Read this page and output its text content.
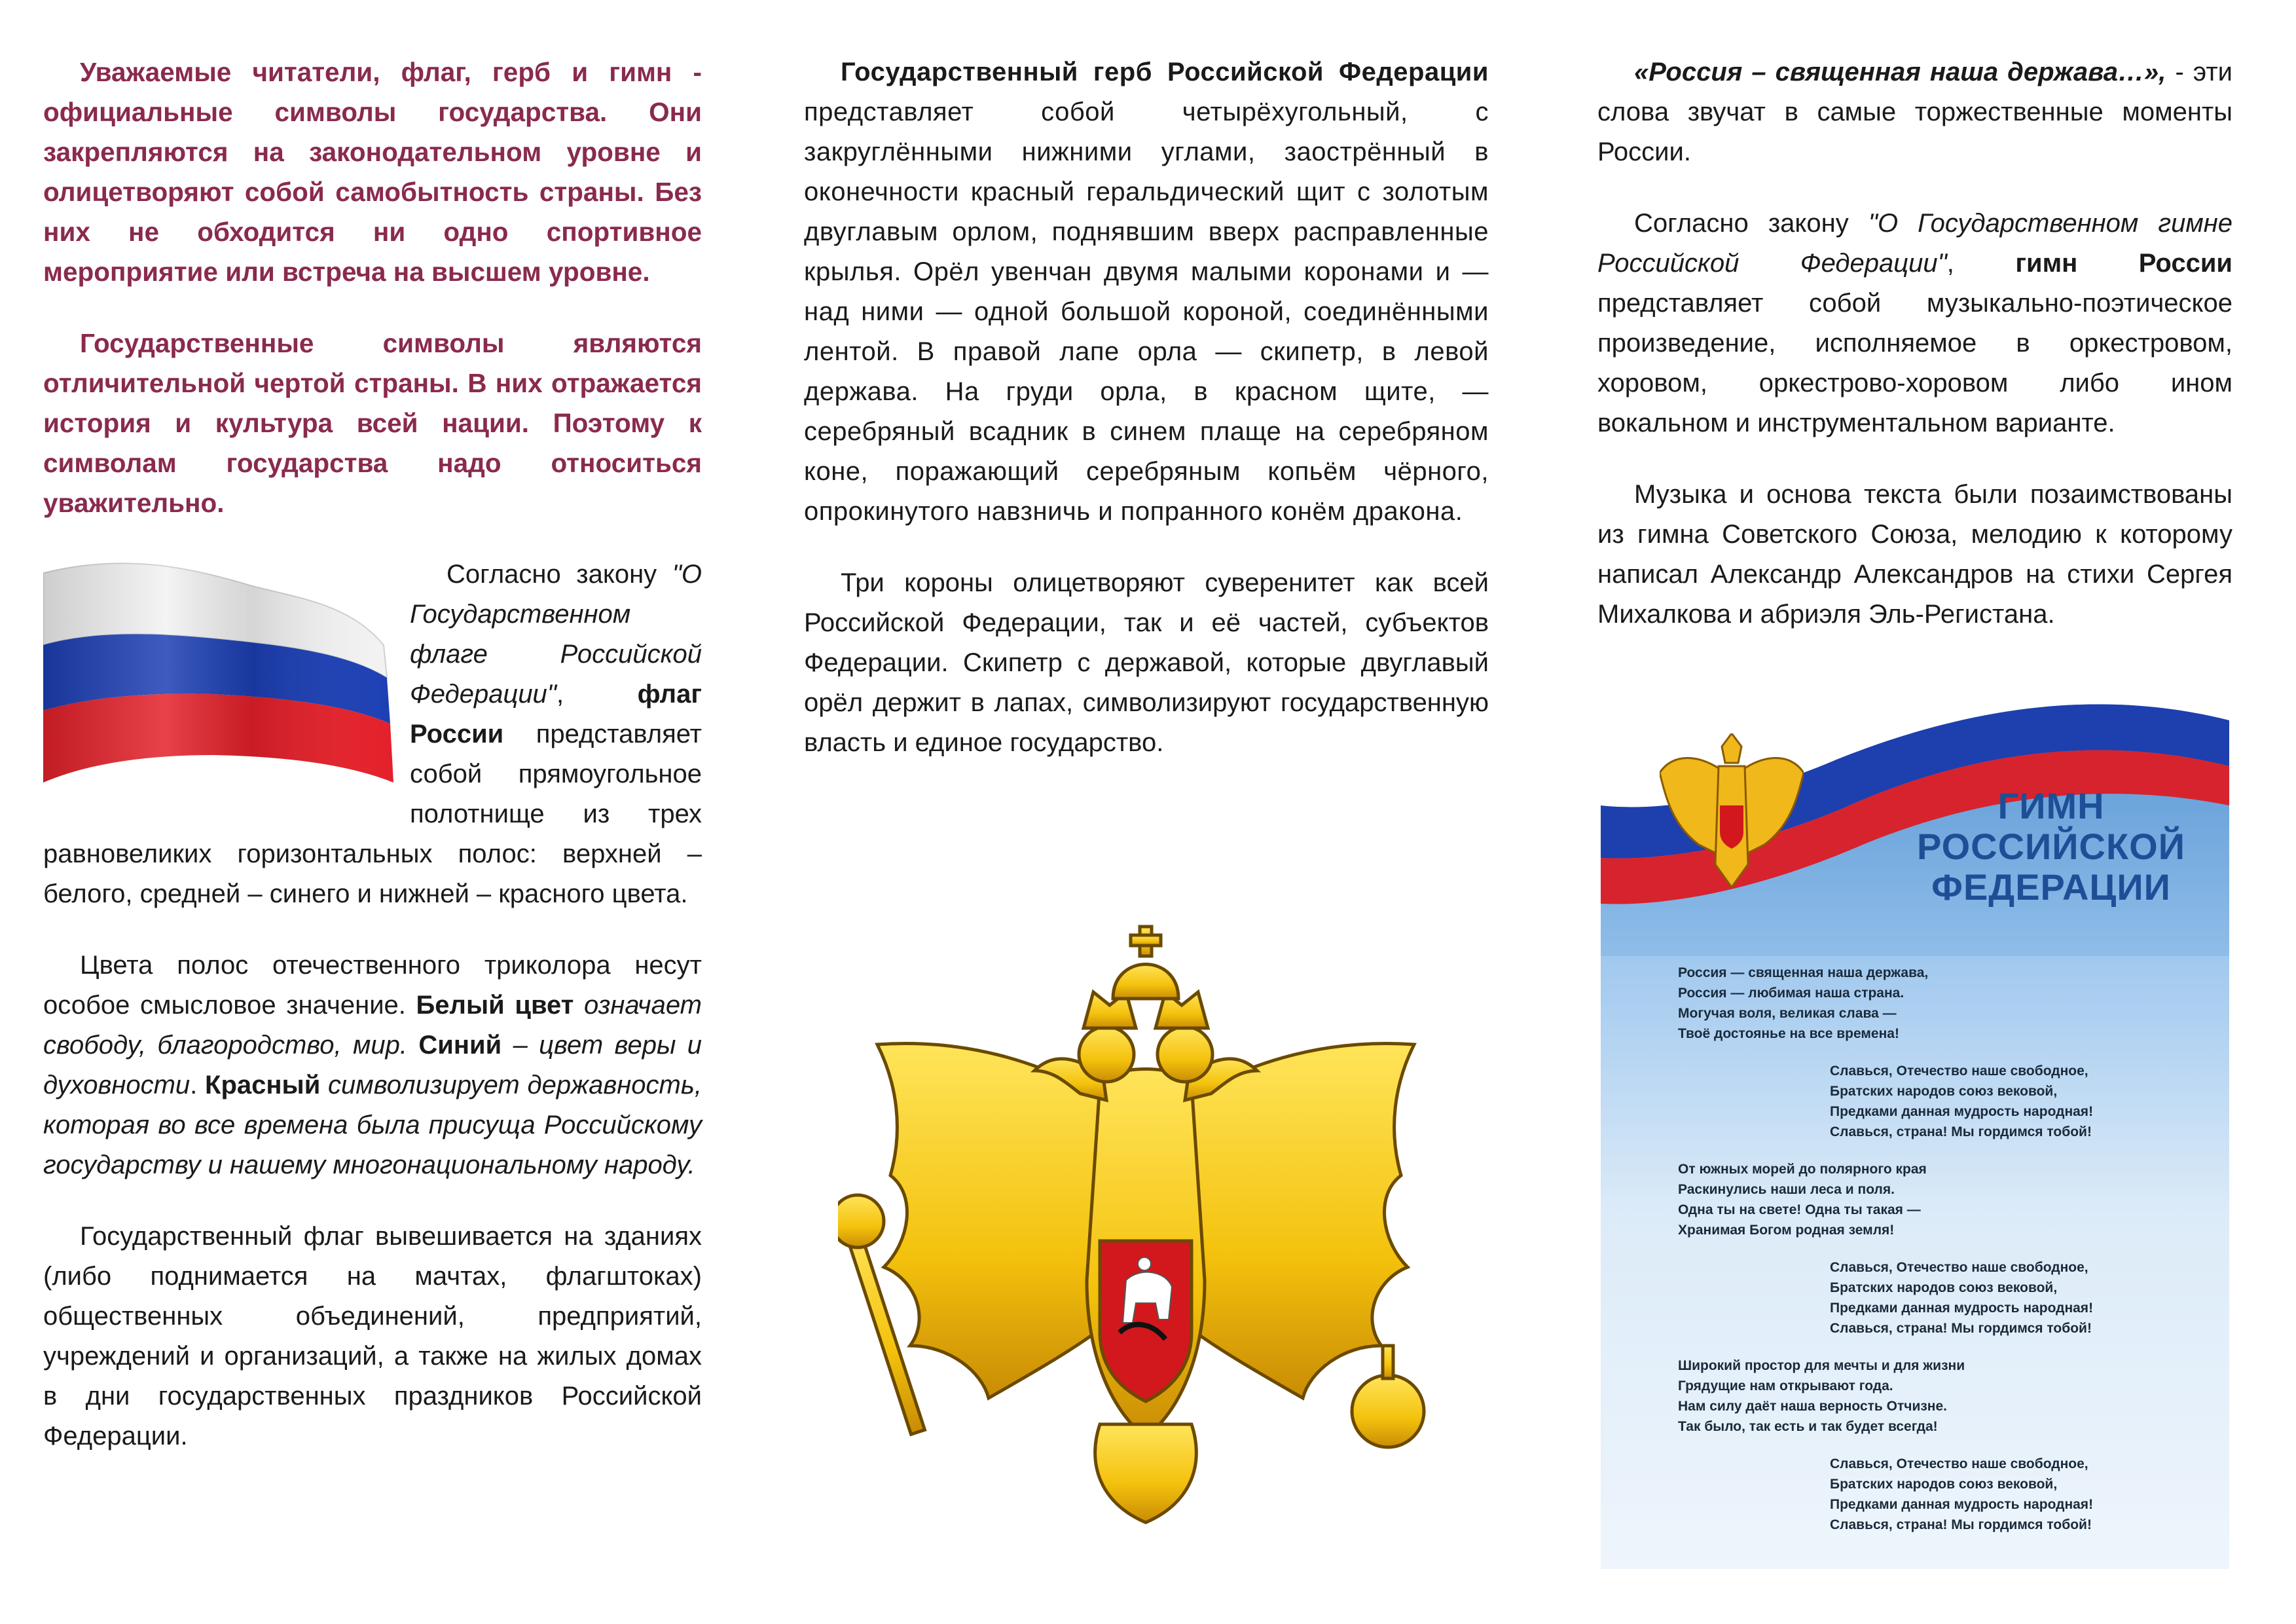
Уважаемые читатели, флаг, герб и гимн - официальные символы государства. Они закрепляются на законодательном уровне и олицетворяют собой самобытность страны. Без них не обходится ни одно спортивное мероприятие или встреча на высшем уровне.

Государственные символы являются отличительной чертой страны. В них отражается история и культура всей нации. Поэтому к символам государства надо относиться уважительно.

Согласно закону "О Государственном флаге Российской Федерации", флаг России представляет собой прямоугольное полотнище из трех равновеликих горизонтальных полос: верхней – белого, средней – синего и нижней – красного цвета.

Цвета полос отечественного триколора несут особое смысловое значение. Белый цвет означает свободу, благородство, мир. Синий – цвет веры и духовности. Красный символизирует державность, которая во все времена была присуща Российскому государству и нашему многонациональному народу.

Государственный флаг вывешивается на зданиях (либо поднимается на мачтах, флагштоках) общественных объединений, предприятий, учреждений и организаций, а также на жилых домах в дни государственных праздников Российской Федерации.

Государственный герб Российской Федерации представляет собой четырёхугольный, с закруглёнными нижними углами, заострённый в оконечности красный геральдический щит с золотым двуглавым орлом, поднявшим вверх расправленные крылья. Орёл увенчан двумя малыми коронами и — над ними — одной большой короной, соединёнными лентой. В правой лапе орла — скипетр, в левой держава. На груди орла, в красном щите, — серебряный всадник в синем плаще на серебряном коне, поражающий серебряным копьём чёрного, опрокинутого навзничь и попранного конём дракона.

Три короны олицетворяют суверенитет как всей Российской Федерации, так и её частей, субъектов Федерации. Скипетр с державой, которые двуглавый орёл держит в лапах, символизируют государственную власть и единое государство.

«Россия – священная наша держава…», - эти слова звучат в самые торжественные моменты России.

Согласно закону "О Государственном гимне Российской Федерации", гимн России представляет собой музыкально-поэтическое произведение, исполняемое в оркестровом, хоровом, оркестрово-хоровом либо ином вокальном и инструментальном варианте.

Музыка и основа текста были позаимствованы из гимна Советского Союза, мелодию к которому написал Александр Александров на стихи Сергея Михалкова и абриэля Эль-Регистана.

ГИМН
РОССИЙСКОЙ
ФЕДЕРАЦИИ
Россия — священная наша держава,
Россия — любимая наша страна.
Могучая воля, великая слава —
Твоё достоянье на все времена!
Славься, Отечество наше свободное,
Братских народов союз вековой,
Предками данная мудрость народная!
Славься, страна! Мы гордимся тобой!
От южных морей до полярного края
Раскинулись наши леса и поля.
Одна ты на свете! Одна ты такая —
Хранимая Богом родная земля!
Славься, Отечество наше свободное,
Братских народов союз вековой,
Предками данная мудрость народная!
Славься, страна! Мы гордимся тобой!
Широкий простор для мечты и для жизни
Грядущие нам открывают года.
Нам силу даёт наша верность Отчизне.
Так было, так есть и так будет всегда!
Славься, Отечество наше свободное,
Братских народов союз вековой,
Предками данная мудрость народная!
Славься, страна! Мы гордимся тобой!
